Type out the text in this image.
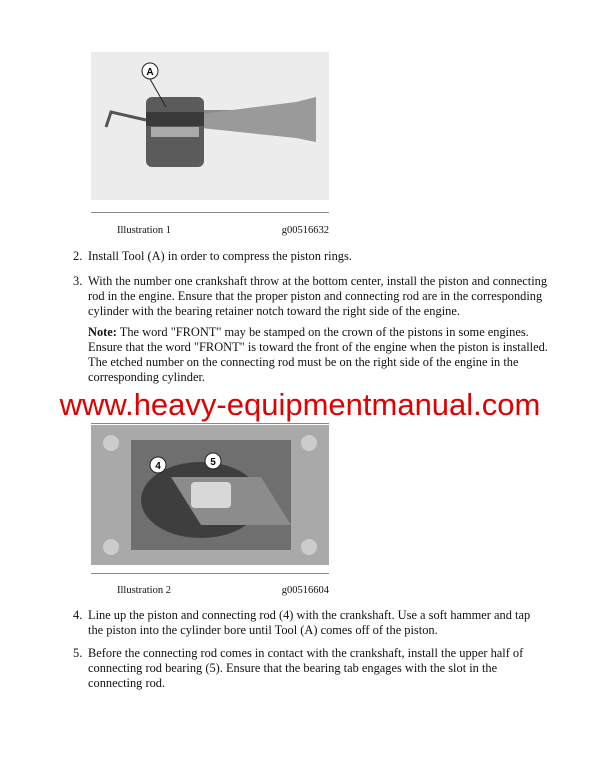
A
Illustration 1	g00516632
2. Install Tool (A) in order to compress the piston rings.
3. With the number one crankshaft throw at the bottom center, install the piston and connecting rod in the engine. Ensure that the proper piston and connecting rod are in the corresponding cylinder with the bearing retainer notch toward the right side of the engine.
Note: The word "FRONT" may be stamped on the crown of the pistons in some engines. Ensure that the word "FRONT" is toward the front of the engine when the piston is installed. The etched number on the connecting rod must be on the right side of the engine in the corresponding cylinder.
4	5
Illustration 2	g00516604
4. Line up the piston and connecting rod (4) with the crankshaft. Use a soft hammer and tap the piston into the cylinder bore until Tool (A) comes off of the piston.
5. Before the connecting rod comes in contact with the crankshaft, install the upper half of connecting rod bearing (5). Ensure that the bearing tab engages with the slot in the connecting rod.
www.heavy-equipmentmanual.com
